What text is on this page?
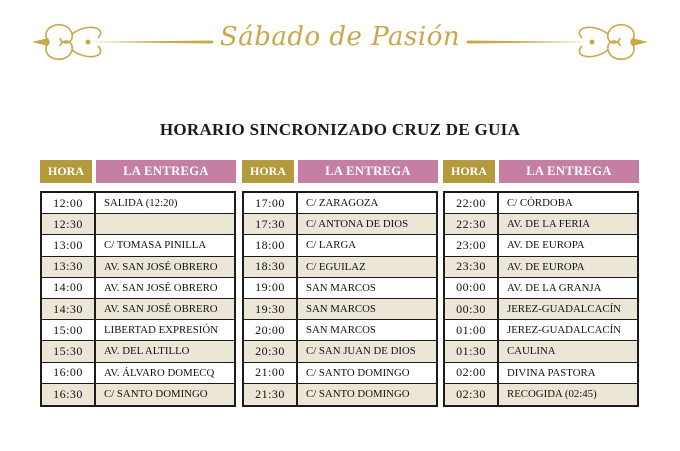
Sábado de Pasión
HORARIO SINCRONIZADO CRUZ DE GUIA
HORA	LA ENTREGA
12:00	SALIDA (12:20)
12:30
13:00	C/ TOMASA PINILLA
13:30	AV. SAN JOSÉ OBRERO
14:00	AV. SAN JOSÉ OBRERO
14:30	AV. SAN JOSÉ OBRERO
15:00	LIBERTAD EXPRESIÓN
15:30	AV. DEL ALTILLO
16:00	AV. ÁLVARO DOMECQ
16:30	C/ SANTO DOMINGO
HORA	LA ENTREGA
17:00	C/ ZARAGOZA
17:30	C/ ANTONA DE DIOS
18:00	C/ LARGA
18:30	C/ EGUILAZ
19:00	SAN MARCOS
19:30	SAN MARCOS
20:00	SAN MARCOS
20:30	C/ SAN JUAN DE DIOS
21:00	C/ SANTO DOMINGO
21:30	C/ SANTO DOMINGO
HORA	LA ENTREGA
22:00	C/ CÓRDOBA
22:30	AV. DE LA FERIA
23:00	AV. DE EUROPA
23:30	AV. DE EUROPA
00:00	AV. DE LA GRANJA
00:30	JEREZ-GUADALCACÍN
01:00	JEREZ-GUADALCACÍN
01:30	CAULINA
02:00	DIVINA PASTORA
02:30	RECOGIDA (02:45)
